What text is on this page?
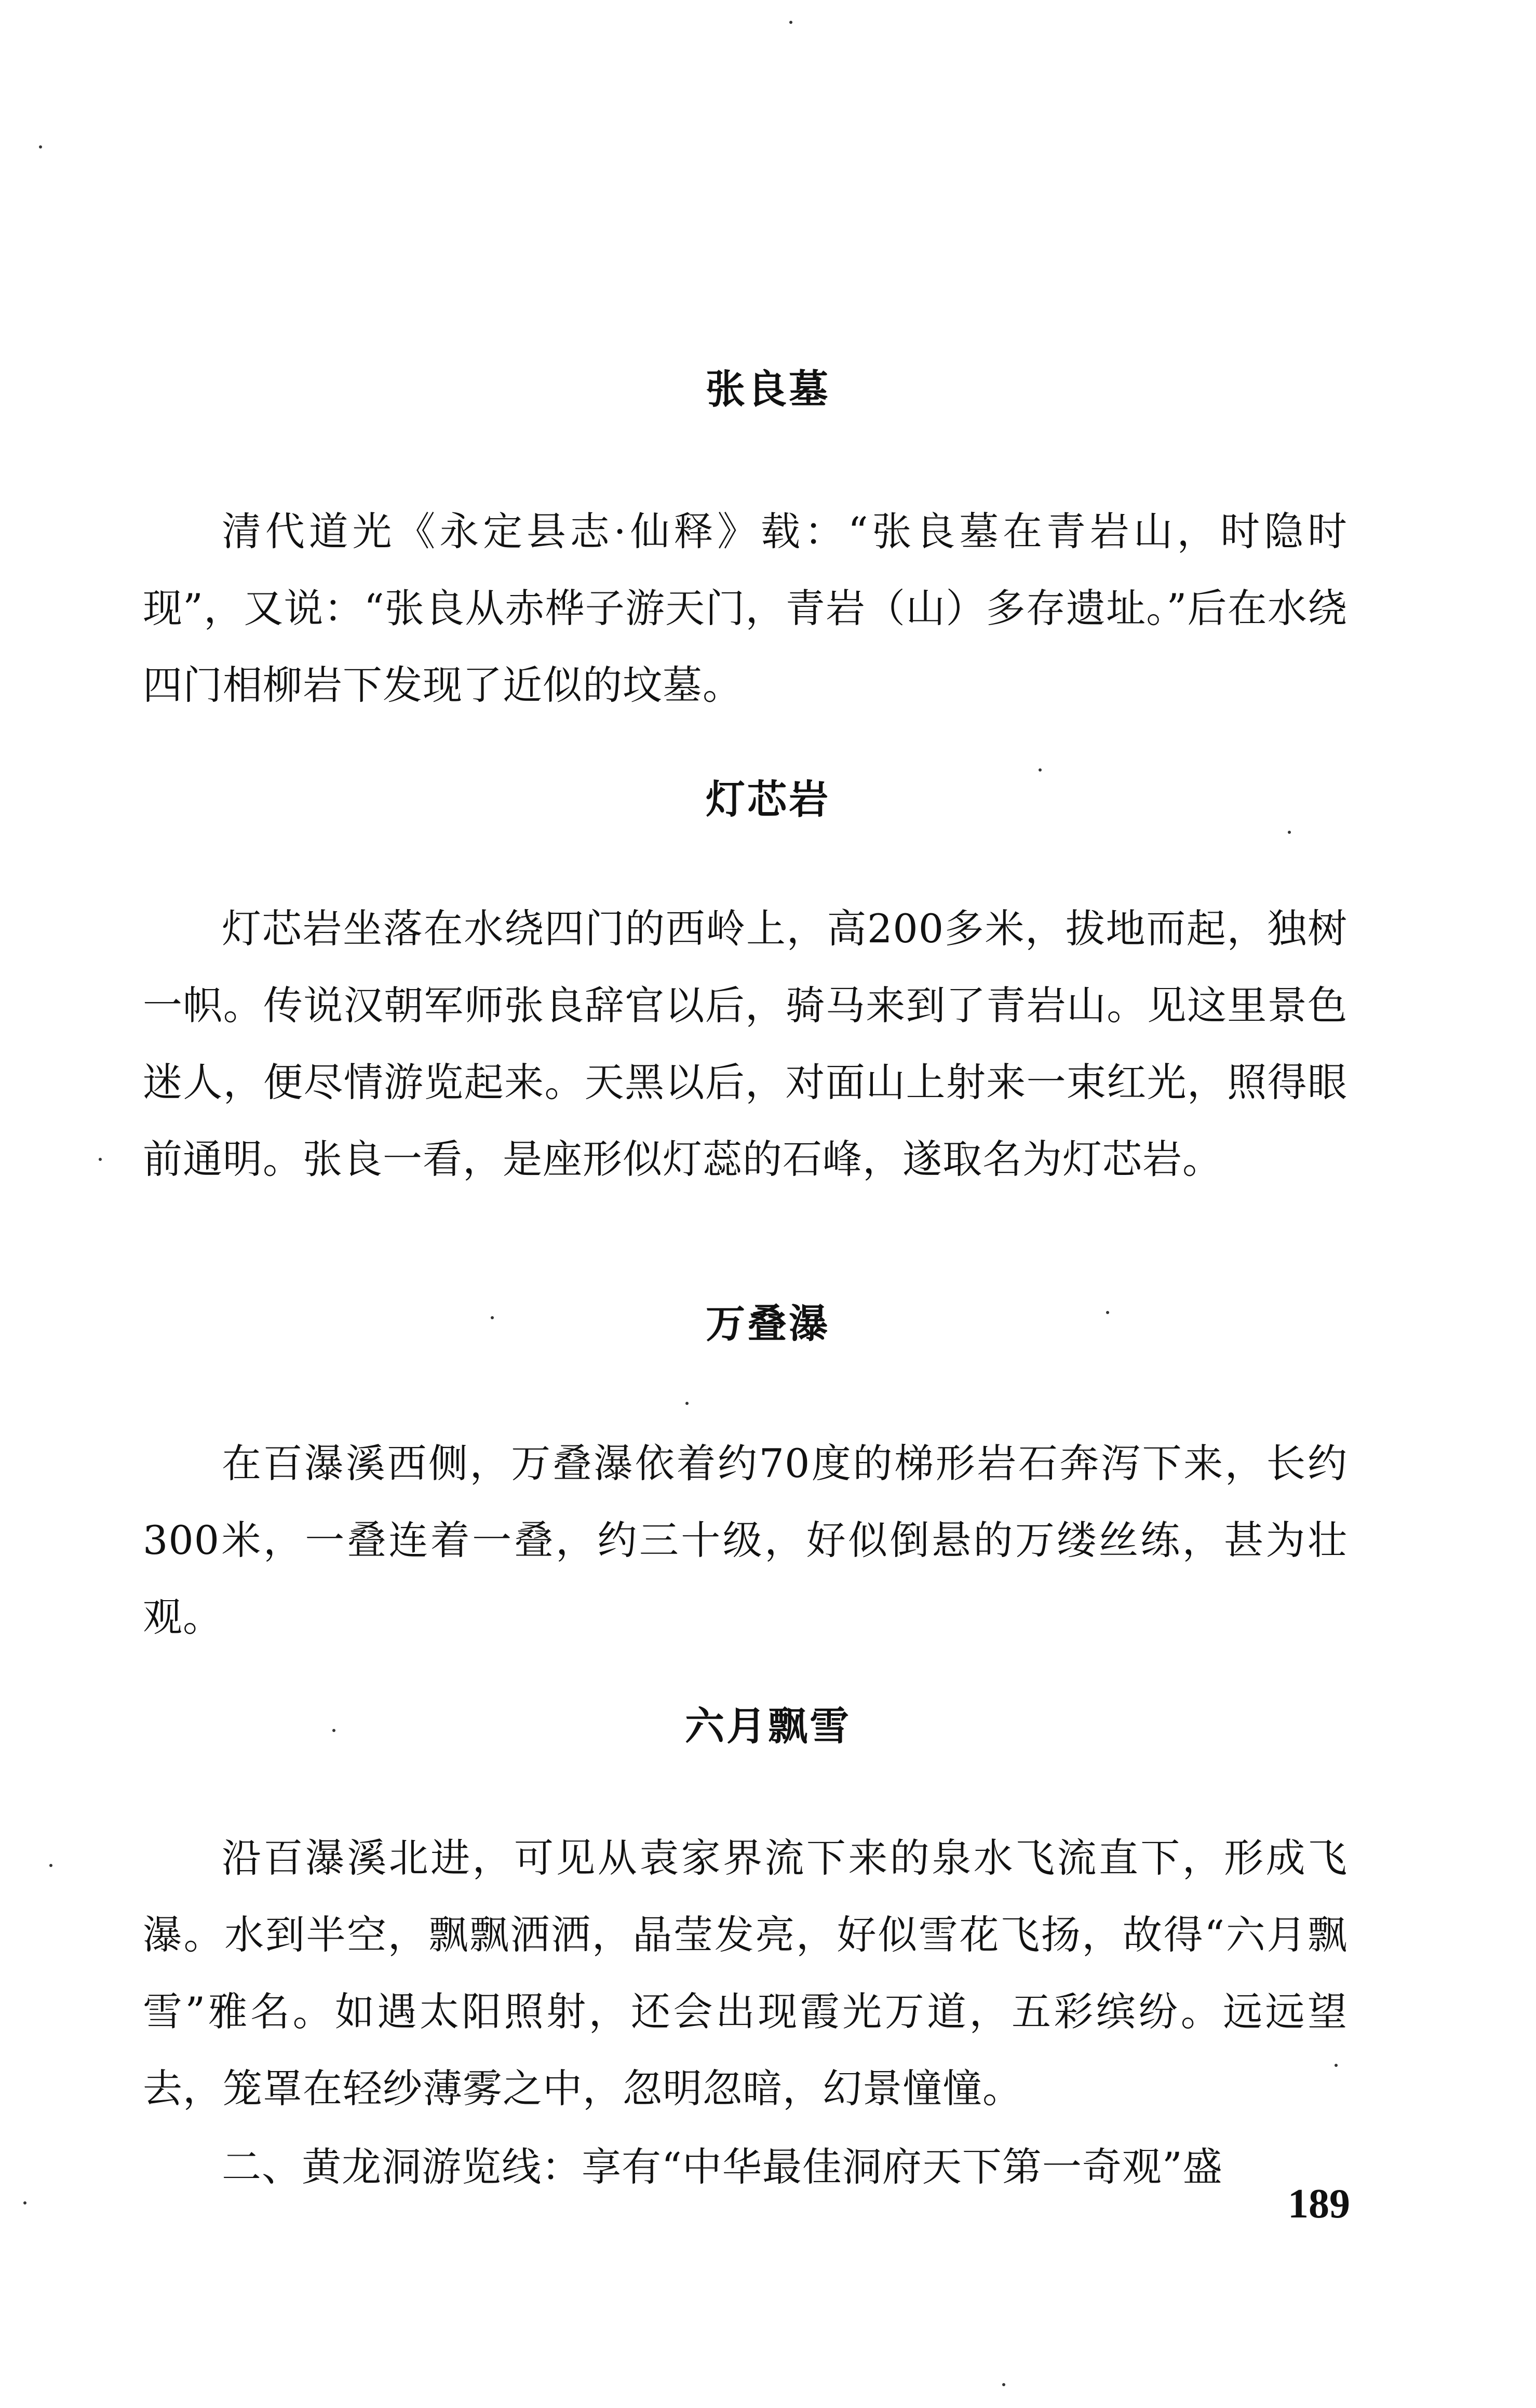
张良墓
清代道光《永定县志·仙释》载：“张良墓在青岩山，时隐时现”，又说：“张良从赤桦子游天门，青岩（山）多存遗址。”后在水绕四门相柳岩下发现了近似的坟墓。
灯芯岩
灯芯岩坐落在水绕四门的西岭上，高200多米，拔地而起，独树一帜。传说汉朝军师张良辞官以后，骑马来到了青岩山。见这里景色迷人，便尽情游览起来。天黑以后，对面山上射来一束红光，照得眼前通明。张良一看，是座形似灯蕊的石峰，遂取名为灯芯岩。
万叠瀑
在百瀑溪西侧，万叠瀑依着约70度的梯形岩石奔泻下来，长约300米，一叠连着一叠，约三十级，好似倒悬的万缕丝练，甚为壮观。
六月飘雪
沿百瀑溪北进，可见从袁家界流下来的泉水飞流直下，形成飞瀑。水到半空，飘飘洒洒，晶莹发亮，好似雪花飞扬，故得“六月飘雪”雅名。如遇太阳照射，还会出现霞光万道，五彩缤纷。远远望去，笼罩在轻纱薄雾之中，忽明忽暗，幻景憧憧。
二、黄龙洞游览线：享有“中华最佳洞府天下第一奇观”盛
189
